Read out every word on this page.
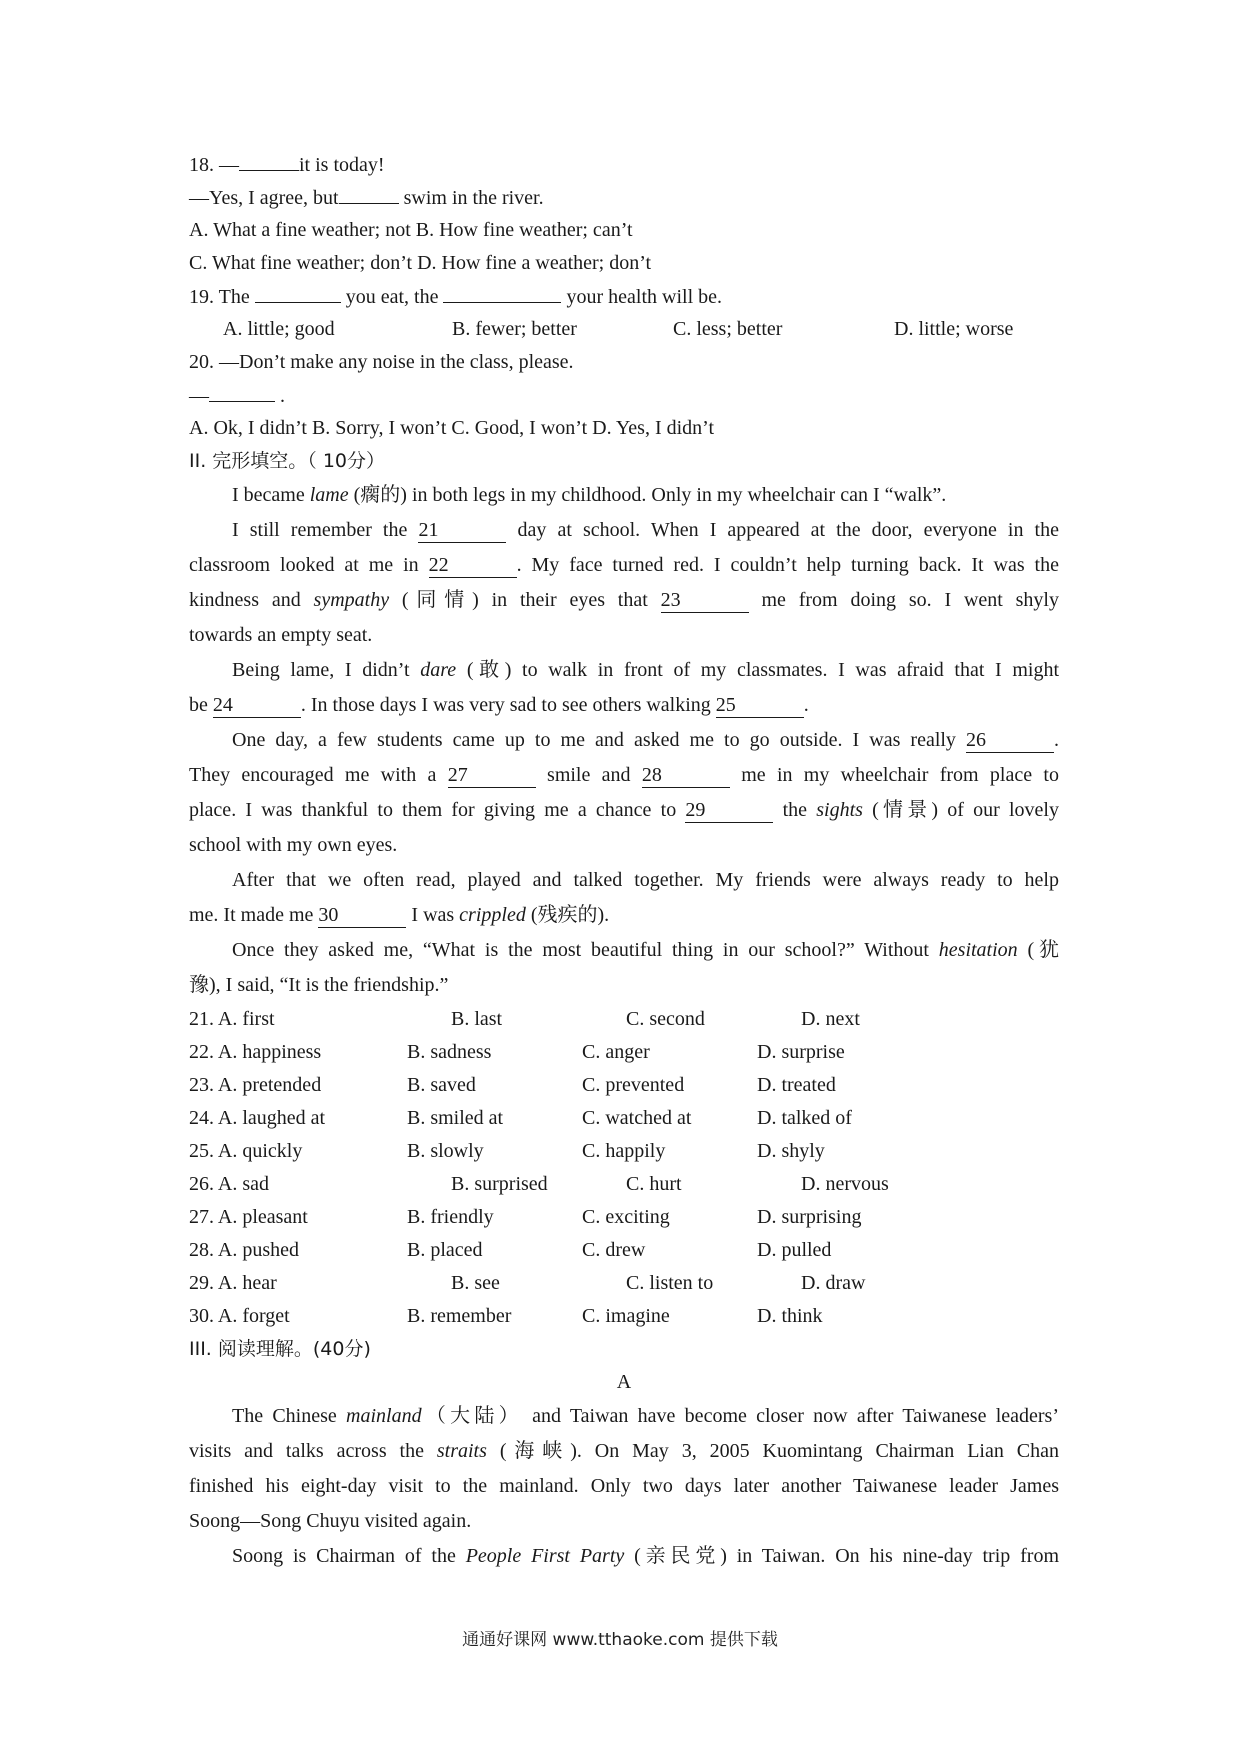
18. —	it is today!
—Yes, I agree, but	swim in the river.
A. What a fine weather; not B. How fine weather; can’t
C. What fine weather; don’t D. How fine a weather; don’t
19. The	you eat, the	your health will be.
A. little; good	B. fewer; better	C. less; better	D. little; worse
20. —Don’t make any noise in the class, please.
—	.
A. Ok, I didn’t B. Sorry, I won’t C. Good, I won’t D. Yes, I didn’t
II. 完形填空。（ 10分）
I became lame (瘸的) in both legs in my childhood. Only in my wheelchair can I “walk”.
I still remember the 21	day at school. When I appeared at the door, everyone in the
classroom looked at me in 22	. My face turned red. I couldn’t help turning back. It was the
kindness and sympathy (同情) in their eyes that 23	me from doing so. I went shyly
towards an empty seat.
Being lame, I didn’t dare (敢) to walk in front of my classmates. I was afraid that I might
be 24	. In those days I was very sad to see others walking 25	.
One day, a few students came up to me and asked me to go outside. I was really 26	.
They encouraged me with a 27	smile and 28	me in my wheelchair from place to
place. I was thankful to them for giving me a chance to 29	the sights (情景) of our lovely
school with my own eyes.
After that we often read, played and talked together. My friends were always ready to help
me. It made me 30	I was crippled (残疾的).
Once they asked me, “What is the most beautiful thing in our school?” Without hesitation (犹
豫), I said, “It is the friendship.”
21. A. first	B. last	C. second	D. next
22. A. happiness	B. sadness	C. anger	D. surprise
23. A. pretended	B. saved	C. prevented	D. treated
24. A. laughed at	B. smiled at	C. watched at	D. talked of
25. A. quickly	B. slowly	C. happily	D. shyly
26. A. sad	B. surprised	C. hurt	D. nervous
27. A. pleasant	B. friendly	C. exciting	D. surprising
28. A. pushed	B. placed	C. drew	D. pulled
29. A. hear	B. see	C. listen to	D. draw
30. A. forget	B. remember	C. imagine	D. think
III. 阅读理解。(40分)
A
The Chinese mainland（大陆） and Taiwan have become closer now after Taiwanese leaders’
visits and talks across the straits (海峡). On May 3, 2005 Kuomintang Chairman Lian Chan
finished his eight-day visit to the mainland. Only two days later another Taiwanese leader James
Soong—Song Chuyu visited again.
Soong is Chairman of the People First Party (亲民党) in Taiwan. On his nine-day trip from
通通好课网 www.tthaoke.com 提供下载
